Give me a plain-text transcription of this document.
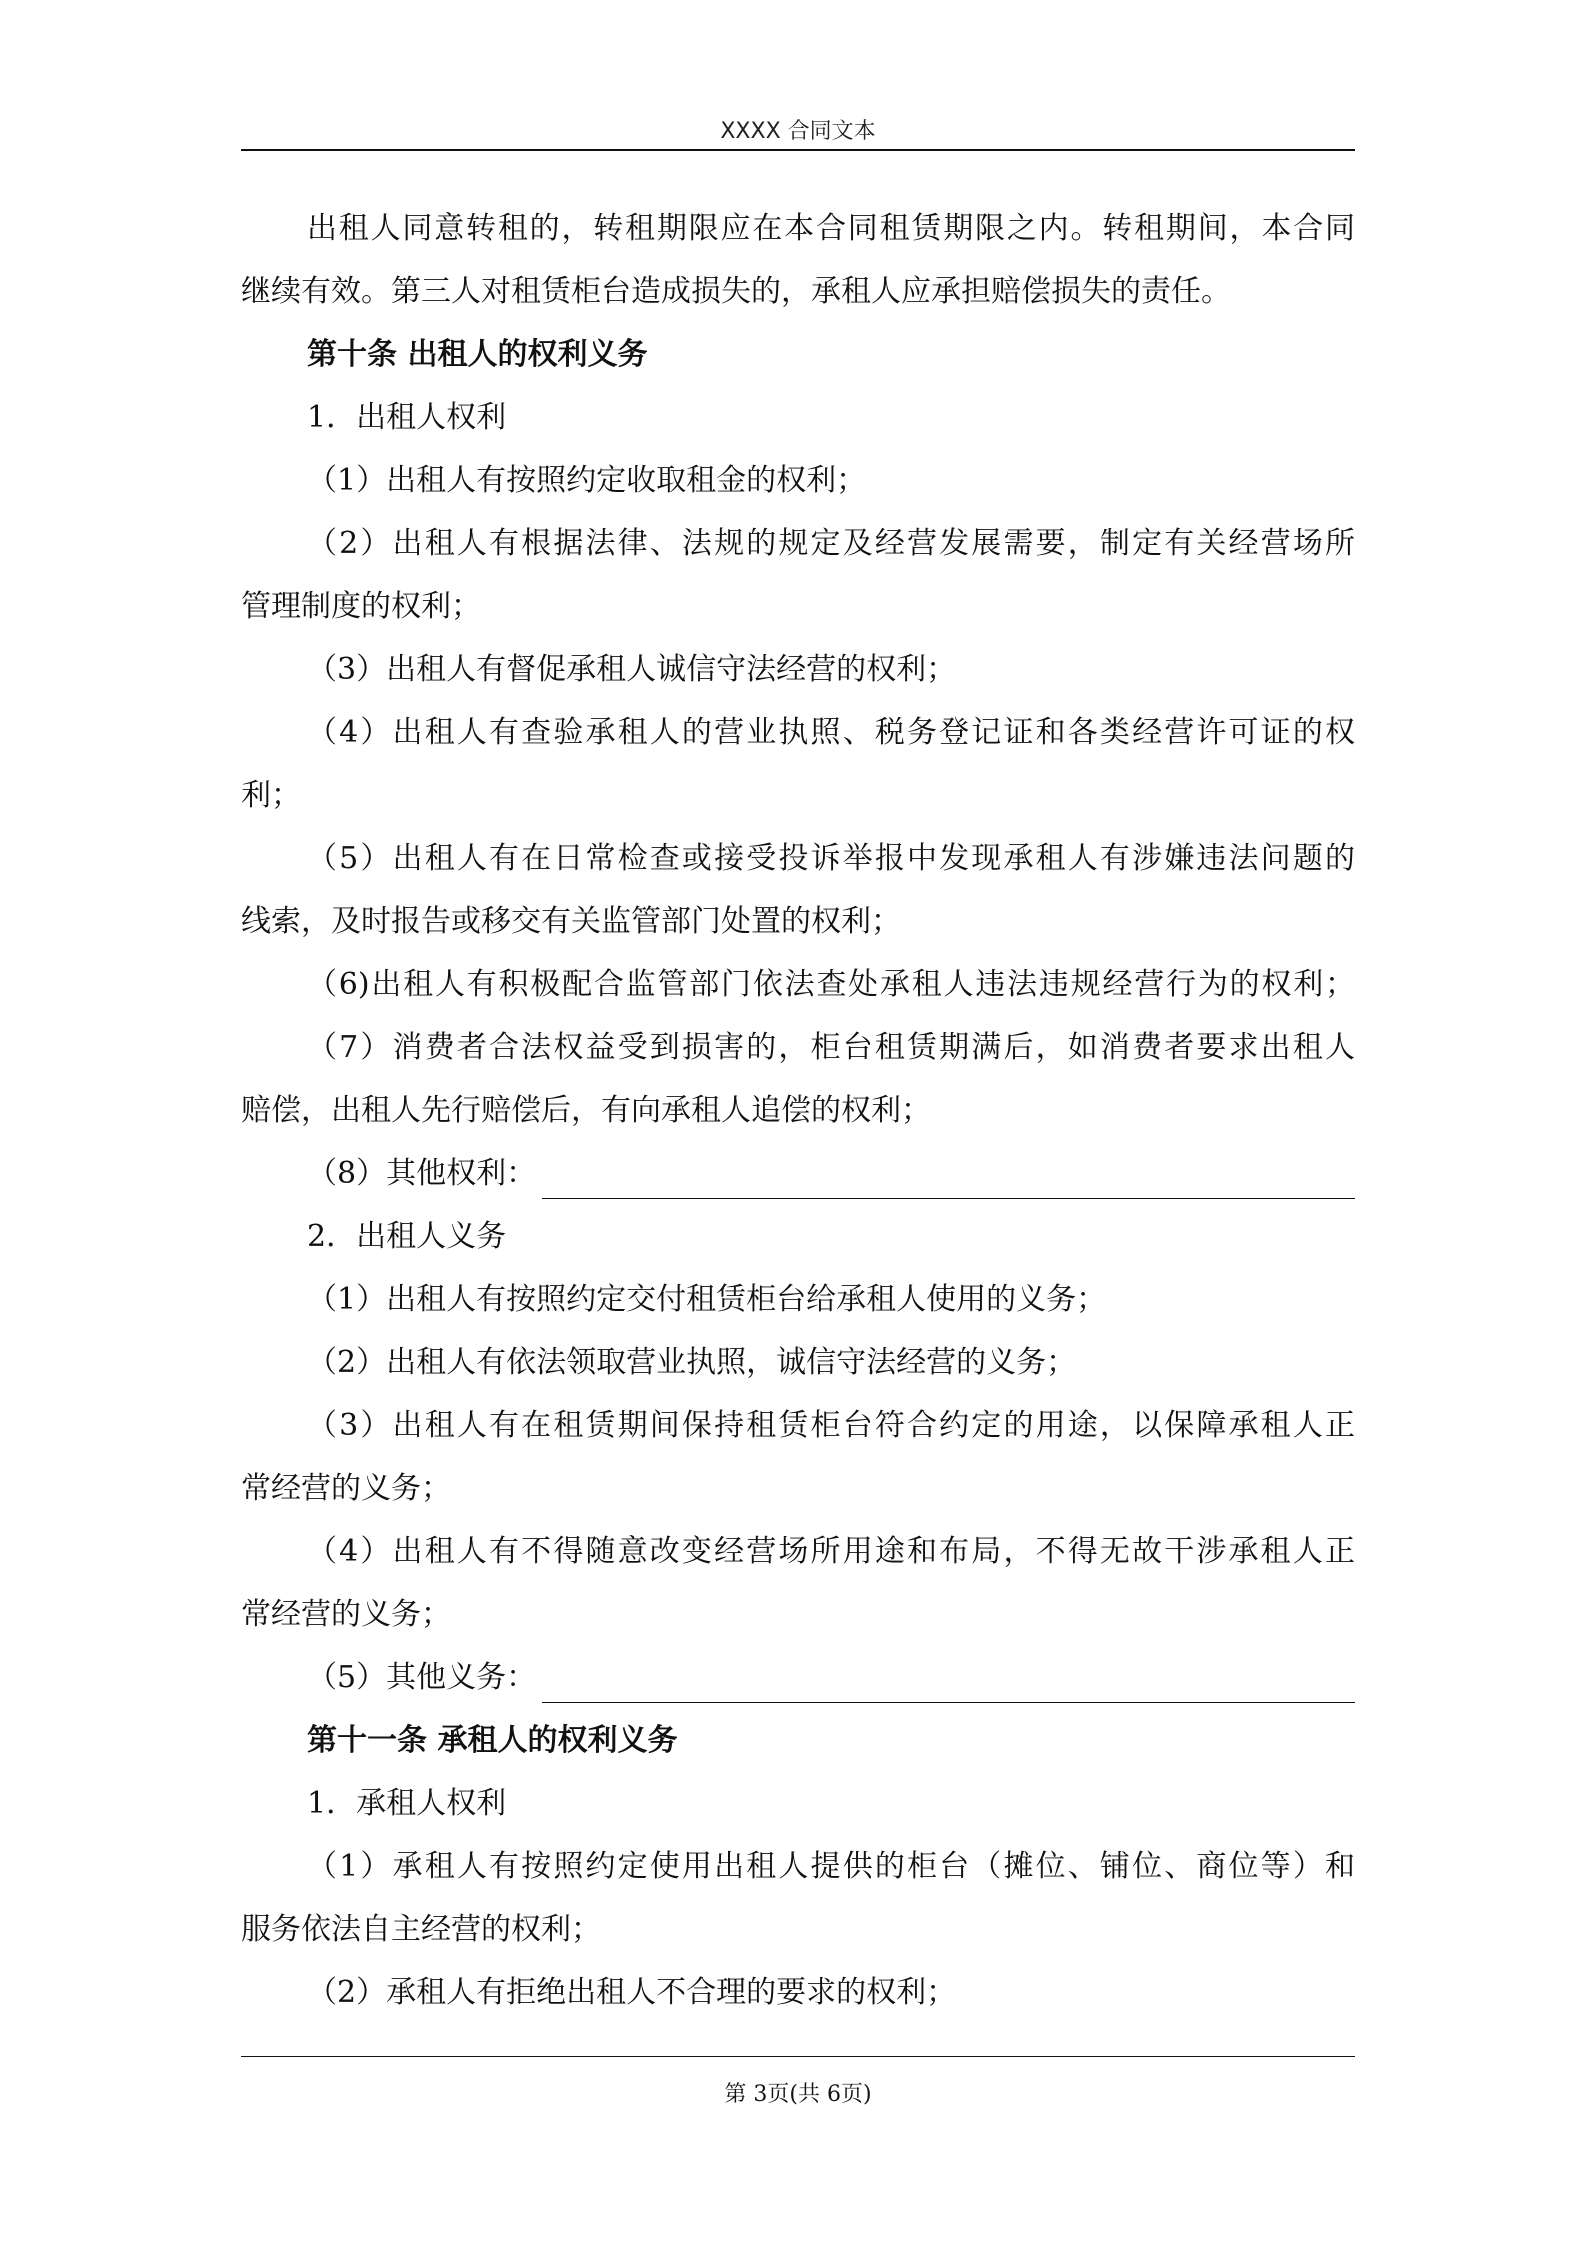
XXXX 合同文本
出租人同意转租的，转租期限应在本合同租赁期限之内。转租期间，本合同
继续有效。第三人对租赁柜台造成损失的，承租人应承担赔偿损失的责任。
第十条 出租人的权利义务
1．出租人权利
（1）出租人有按照约定收取租金的权利；
（2）出租人有根据法律、法规的规定及经营发展需要，制定有关经营场所
管理制度的权利；
（3）出租人有督促承租人诚信守法经营的权利；
（4）出租人有查验承租人的营业执照、税务登记证和各类经营许可证的权
利；
（5）出租人有在日常检查或接受投诉举报中发现承租人有涉嫌违法问题的
线索，及时报告或移交有关监管部门处置的权利；
（6)出租人有积极配合监管部门依法查处承租人违法违规经营行为的权利；
（7）消费者合法权益受到损害的，柜台租赁期满后，如消费者要求出租人
赔偿，出租人先行赔偿后，有向承租人追偿的权利；
（8）其他权利：
2．出租人义务
（1）出租人有按照约定交付租赁柜台给承租人使用的义务；
（2）出租人有依法领取营业执照，诚信守法经营的义务；
（3）出租人有在租赁期间保持租赁柜台符合约定的用途，以保障承租人正
常经营的义务；
（4）出租人有不得随意改变经营场所用途和布局，不得无故干涉承租人正
常经营的义务；
（5）其他义务：
第十一条 承租人的权利义务
1．承租人权利
（1）承租人有按照约定使用出租人提供的柜台（摊位、铺位、商位等）和
服务依法自主经营的权利；
（2）承租人有拒绝出租人不合理的要求的权利；
第 3页(共 6页)
